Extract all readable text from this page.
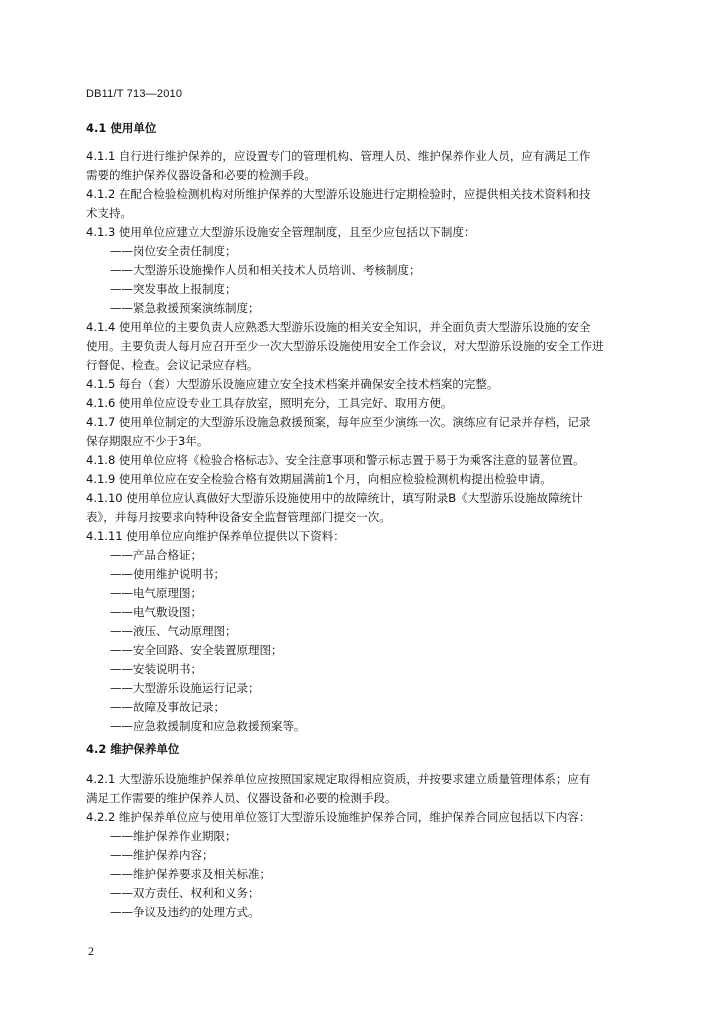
DB11/T 713—2010
4.1 使用单位
4.1.1 自行进行维护保养的，应设置专门的管理机构、管理人员、维护保养作业人员，应有满足工作
需要的维护保养仪器设备和必要的检测手段。
4.1.2 在配合检验检测机构对所维护保养的大型游乐设施进行定期检验时，应提供相关技术资料和技
术支持。
4.1.3 使用单位应建立大型游乐设施安全管理制度，且至少应包括以下制度：
——岗位安全责任制度；
——大型游乐设施操作人员和相关技术人员培训、考核制度；
——突发事故上报制度；
——紧急救援预案演练制度；
4.1.4 使用单位的主要负责人应熟悉大型游乐设施的相关安全知识，并全面负责大型游乐设施的安全
使用。主要负责人每月应召开至少一次大型游乐设施使用安全工作会议，对大型游乐设施的安全工作进
行督促、检查。会议记录应存档。
4.1.5 每台（套）大型游乐设施应建立安全技术档案并确保安全技术档案的完整。
4.1.6 使用单位应设专业工具存放室，照明充分，工具完好、取用方便。
4.1.7 使用单位制定的大型游乐设施急救援预案，每年应至少演练一次。演练应有记录并存档，记录
保存期限应不少于3年。
4.1.8 使用单位应将《检验合格标志》、安全注意事项和警示标志置于易于为乘客注意的显著位置。
4.1.9 使用单位应在安全检验合格有效期届满前1个月，向相应检验检测机构提出检验申请。
4.1.10 使用单位应认真做好大型游乐设施使用中的故障统计，填写附录B《大型游乐设施故障统计
表》，并每月按要求向特种设备安全监督管理部门提交一次。
4.1.11 使用单位应向维护保养单位提供以下资料：
——产品合格证；
——使用维护说明书；
——电气原理图；
——电气敷设图；
——液压、气动原理图；
——安全回路、安全装置原理图；
——安装说明书；
——大型游乐设施运行记录；
——故障及事故记录；
——应急救援制度和应急救援预案等。
4.2 维护保养单位
4.2.1 大型游乐设施维护保养单位应按照国家规定取得相应资质，并按要求建立质量管理体系；应有
满足工作需要的维护保养人员、仪器设备和必要的检测手段。
4.2.2 维护保养单位应与使用单位签订大型游乐设施维护保养合同，维护保养合同应包括以下内容：
——维护保养作业期限；
——维护保养内容；
——维护保养要求及相关标准；
——双方责任、权利和义务；
——争议及违约的处理方式。
2
